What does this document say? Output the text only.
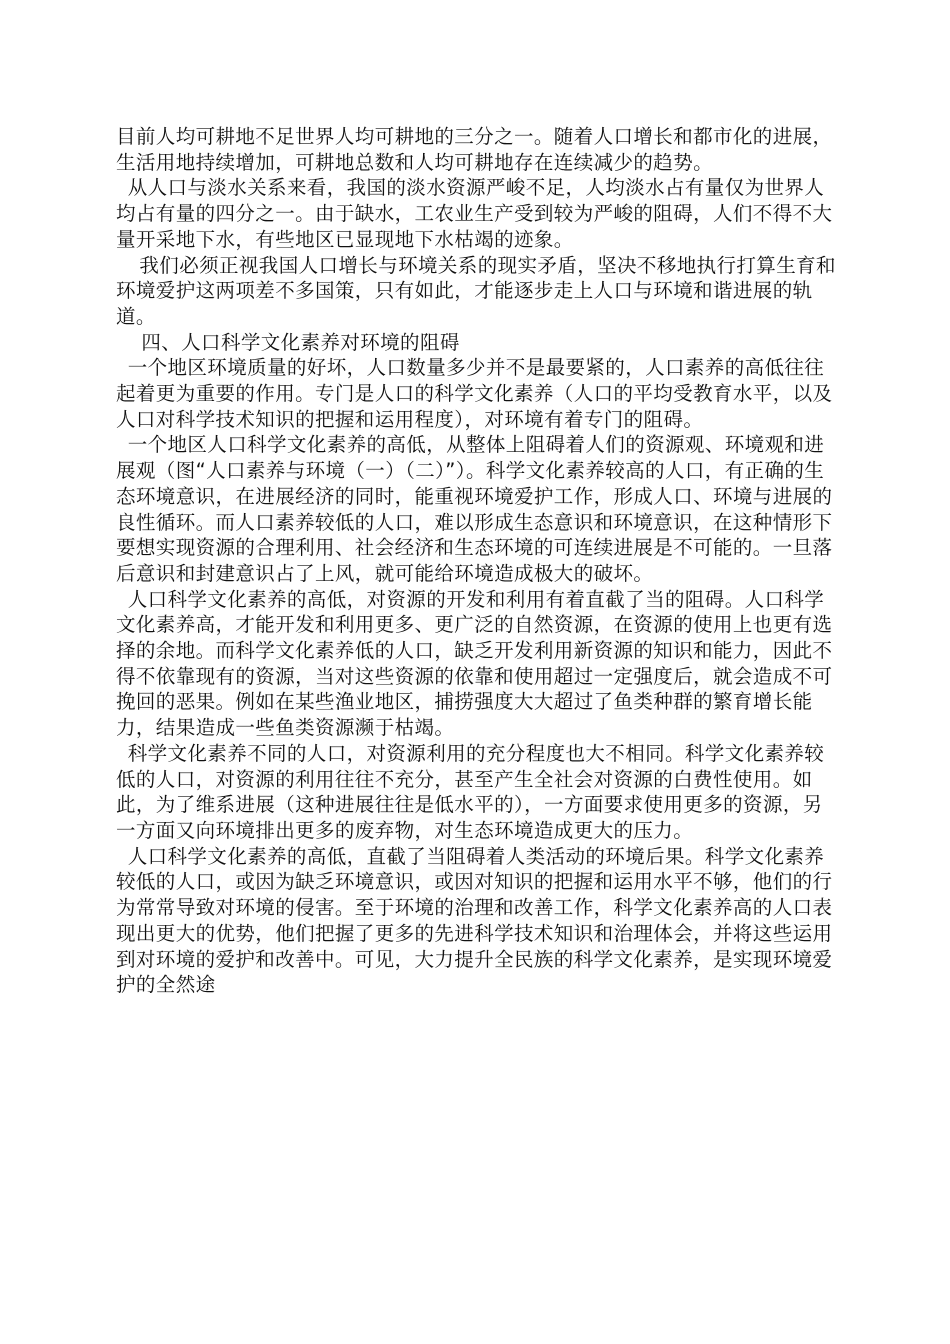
目前人均可耕地不足世界人均可耕地的三分之一。随着人口增长和都市化的进展，生活用地持续增加，可耕地总数和人均可耕地存在连续减少的趋势。

从人口与淡水关系来看，我国的淡水资源严峻不足，人均淡水占有量仅为世界人均占有量的四分之一。由于缺水，工农业生产受到较为严峻的阻碍，人们不得不大量开采地下水，有些地区已显现地下水枯竭的迹象。

我们必须正视我国人口增长与环境关系的现实矛盾，坚决不移地执行打算生育和环境爱护这两项差不多国策，只有如此，才能逐步走上人口与环境和谐进展的轨道。

四、人口科学文化素养对环境的阻碍

一个地区环境质量的好坏，人口数量多少并不是最要紧的，人口素养的高低往往起着更为重要的作用。专门是人口的科学文化素养（人口的平均受教育水平，以及人口对科学技术知识的把握和运用程度），对环境有着专门的阻碍。

一个地区人口科学文化素养的高低，从整体上阻碍着人们的资源观、环境观和进展观（图“人口素养与环境（一）（二）”）。科学文化素养较高的人口，有正确的生态环境意识，在进展经济的同时，能重视环境爱护工作，形成人口、环境与进展的良性循环。而人口素养较低的人口，难以形成生态意识和环境意识，在这种情形下要想实现资源的合理利用、社会经济和生态环境的可连续进展是不可能的。一旦落后意识和封建意识占了上风，就可能给环境造成极大的破坏。

人口科学文化素养的高低，对资源的开发和利用有着直截了当的阻碍。人口科学文化素养高，才能开发和利用更多、更广泛的自然资源，在资源的使用上也更有选择的余地。而科学文化素养低的人口，缺乏开发利用新资源的知识和能力，因此不得不依靠现有的资源，当对这些资源的依靠和使用超过一定强度后，就会造成不可挽回的恶果。例如在某些渔业地区，捕捞强度大大超过了鱼类种群的繁育增长能力，结果造成一些鱼类资源濒于枯竭。

科学文化素养不同的人口，对资源利用的充分程度也大不相同。科学文化素养较低的人口，对资源的利用往往不充分，甚至产生全社会对资源的白费性使用。如此，为了维系进展（这种进展往往是低水平的），一方面要求使用更多的资源，另一方面又向环境排出更多的废弃物，对生态环境造成更大的压力。

人口科学文化素养的高低，直截了当阻碍着人类活动的环境后果。科学文化素养较低的人口，或因为缺乏环境意识，或因对知识的把握和运用水平不够，他们的行为常常导致对环境的侵害。至于环境的治理和改善工作，科学文化素养高的人口表现出更大的优势，他们把握了更多的先进科学技术知识和治理体会，并将这些运用到对环境的爱护和改善中。可见，大力提升全民族的科学文化素养，是实现环境爱护的全然途
